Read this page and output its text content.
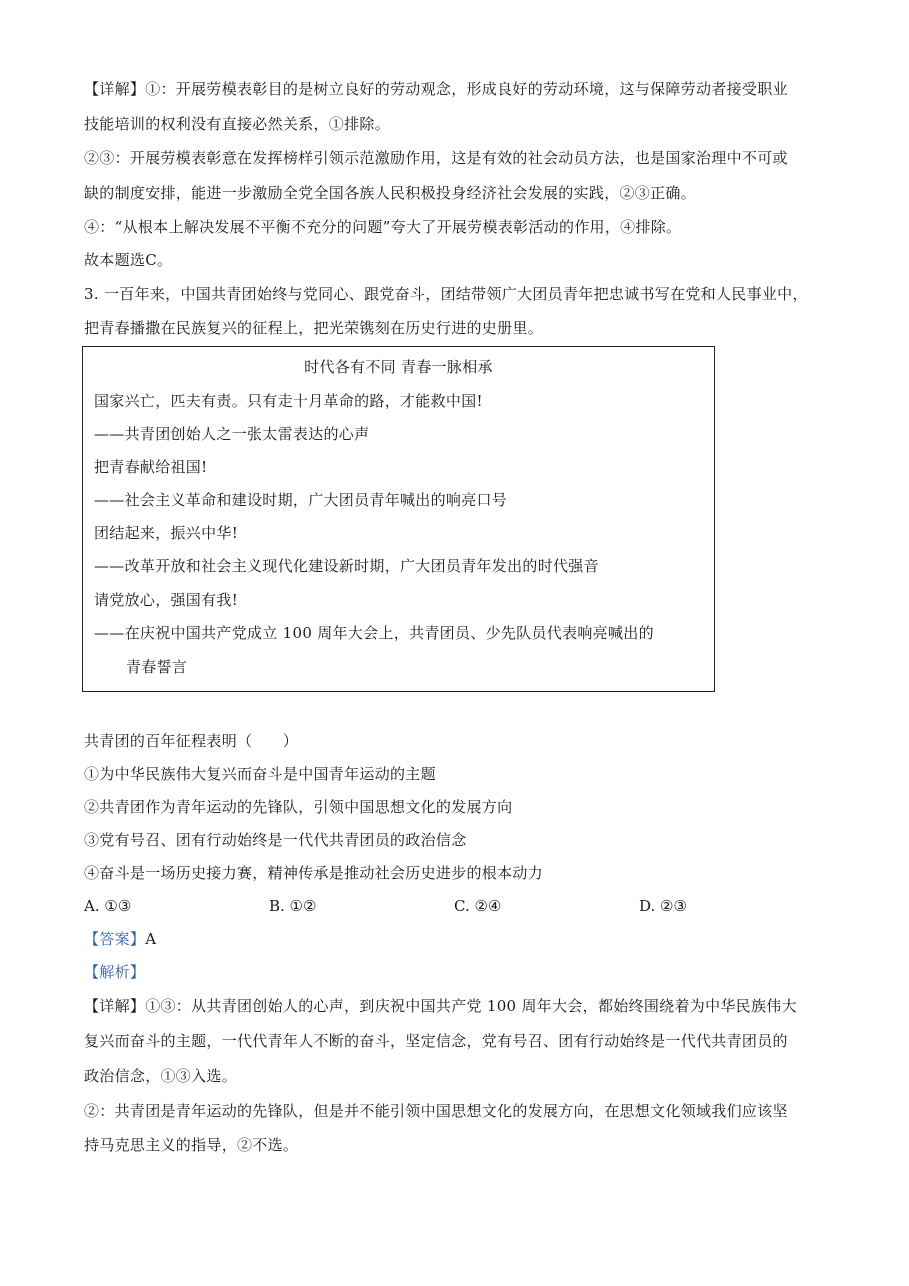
【详解】①：开展劳模表彰目的是树立良好的劳动观念，形成良好的劳动环境，这与保障劳动者接受职业
技能培训的权利没有直接必然关系，①排除。
②③：开展劳模表彰意在发挥榜样引领示范激励作用，这是有效的社会动员方法，也是国家治理中不可或
缺的制度安排，能进一步激励全党全国各族人民积极投身经济社会发展的实践，②③正确。
④：“从根本上解决发展不平衡不充分的问题”夸大了开展劳模表彰活动的作用，④排除。
故本题选C。
3. 一百年来，中国共青团始终与党同心、跟党奋斗，团结带领广大团员青年把忠诚书写在党和人民事业中，
把青春播撒在民族复兴的征程上，把光荣镌刻在历史行进的史册里。
时代各有不同 青春一脉相承
国家兴亡，匹夫有责。只有走十月革命的路，才能救中国!
——共青团创始人之一张太雷表达的心声
把青春献给祖国!
——社会主义革命和建设时期，广大团员青年喊出的响亮口号
团结起来，振兴中华!
——改革开放和社会主义现代化建设新时期，广大团员青年发出的时代强音
请党放心，强国有我!
——在庆祝中国共产党成立 100 周年大会上，共青团员、少先队员代表响亮喊出的
青春誓言
共青团的百年征程表明（　　）
①为中华民族伟大复兴而奋斗是中国青年运动的主题
②共青团作为青年运动的先锋队，引领中国思想文化的发展方向
③党有号召、团有行动始终是一代代共青团员的政治信念
④奋斗是一场历史接力赛，精神传承是推动社会历史进步的根本动力
A. ①③	B. ①②	C. ②④	D. ②③
【答案】A
【解析】
【详解】①③：从共青团创始人的心声，到庆祝中国共产党 100 周年大会，都始终围绕着为中华民族伟大
复兴而奋斗的主题，一代代青年人不断的奋斗，坚定信念，党有号召、团有行动始终是一代代共青团员的
政治信念，①③入选。
②：共青团是青年运动的先锋队，但是并不能引领中国思想文化的发展方向，在思想文化领域我们应该坚
持马克思主义的指导，②不选。
